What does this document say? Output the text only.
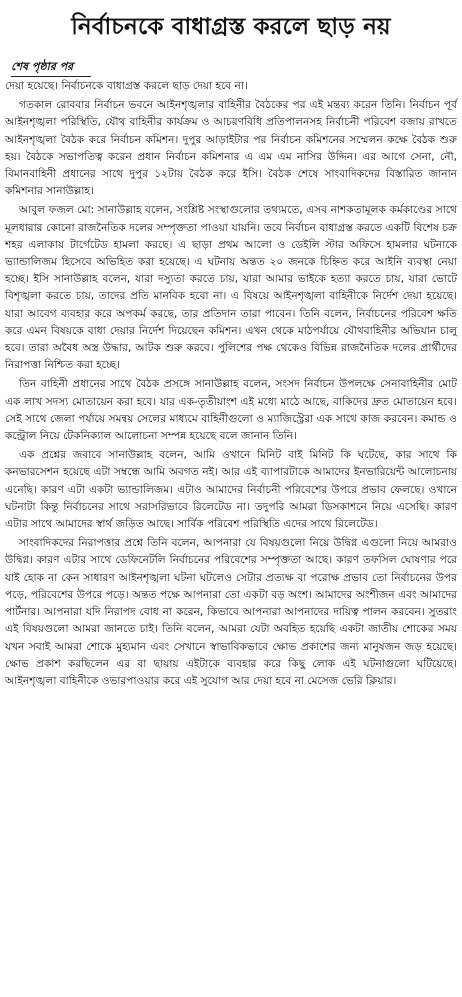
নির্বাচনকে বাধাগ্রস্ত করলে ছাড় নয়
শেষ পৃষ্ঠার পর

দেয়া হয়েছে। নির্বাচনকে বাধাগ্রস্ত করলে ছাড় দেয়া হবে না।

গতকাল রোববার নির্বাচন ভবনে আইনশৃঙ্খলার বাহিনীর বৈঠকের পর এই মন্তব্য করেন তিনি। নির্বাচন পূর্ব আইনশৃঙ্খলা পরিস্থিতি, যৌথ বাহিনীর কার্যক্রম ও আচরণবিধি প্রতিপালনসহ নির্বাচনী পরিবেশ বজায় রাখতে আইনশৃঙ্খলা বৈঠক করে নির্বাচন কমিশন। দুপুর আড়াইটার পর নির্বাচন কমিশনের সম্মেলন কক্ষে বৈঠক শুরু হয়। বৈঠকে সভাপতিত্ব করেন প্রধান নির্বাচন কমিশনার এ এম এম নাসির উদ্দিন। এর আগে সেনা, নৌ, বিমানবাহিনী প্রধানের সাথে দুপুর ১২টায় বৈঠক করে ইসি। বৈঠক শেষে সাংবাদিকদের বিস্তারিত জানান কমিশনার সানাউল্লাহ।

আবুল ফজল মো: সানাউল্লাহ বলেন, সংশ্লিষ্ট সংস্থাগুলোর তথ্যমতে, এসব নাশকতামূলক কর্মকাণ্ডের সাথে মূলধারার কোনো রাজনৈতিক দলের সম্পৃক্ততা পাওয়া যায়নি। তবে নির্বাচন বাধাগ্রস্ত করতে একটি বিশেষ চক্র শহর এলাকায় টার্গেটেড হামলা করছে। এ ছাড়া প্রথম আলো ও ডেইলি স্টার অফিসে হামলার ঘটনাকে ভ্যান্ডালিজম হিসেবে অভিহিত করা হয়েছে। এ ঘটনায় অন্তত ২০ জনকে চিহ্নিত করে আইনি ব্যবস্থা নেয়া হচ্ছে। ইসি সানাউল্লাহ বলেন, যারা দস্যুতা করতে চায়, যারা আমার ভাইকে হত্যা করতে চায়, যারা ভোটে বিশৃঙ্খলা করতে চায়, তাদের প্রতি মানবিক হবো না। এ বিষয়ে আইনশৃঙ্খলা বাহিনীকে নির্দেশ দেয়া হয়েছে। যারা আবেগ ব্যবহার করে অপকর্ম করছে, তার প্রতিদান তারা পাবেন। তিনি বলেন, নির্বাচনের পরিবেশ ক্ষতি করে এমন বিষয়কে বাধা দেয়ার নির্দেশ দিয়েছেন কমিশন। এখন থেকে মাঠপর্যায়ে যৌথবাহিনীর অভিযান চালু হবে। তারা অবৈধ অস্ত্র উদ্ধার, আটক শুরু করবে। পুলিশের পক্ষ থেকেও বিভিন্ন রাজনৈতিক দলের প্রার্থীদের নিরাপত্তা নিশ্চিত করা হচ্ছে।

তিন বাহিনী প্রধানের সাথে বৈঠক প্রসঙ্গে সানাউল্লাহ বলেন, সংসদ নির্বাচন উপলক্ষে সেনাবাহিনীর মোট এক লাখ সদস্য মোতায়েন করা হবে। যার এক-তৃতীয়াংশ এই মধ্যে মাঠে আছে, বাকিদের দ্রুত মোতায়েন হবে। সেই সাথে জেলা পর্যায়ে সমন্বয় সেলের মাধ্যমে বাহিনীগুলো ও ম্যাজিস্ট্রেরা এক সাথে কাজ করবেন। কমান্ড ও কন্ট্রোল নিয়ে টেকনিক্যাল আলোচনা সম্পন্ন হয়েছে বলে জানান তিনি।

এক প্রশ্নের জবাবে সানাউল্লাহ বলেন, আমি ওখানে মিনিট বাই মিনিট কি ঘটেছে, কার সাথে কি কনভারসেশন হয়েছে এটা সম্বন্ধে আমি অবগত নই। আর এই ব্যাপারটাকে আমাদের ইনভারিয়েন্ট আলোচনায় এনেছি। কারণ এটা একটা ভ্যান্ডালিজম। এটাও আমাদের নির্বাচনী পরিবেশের উপরে প্রভাব ফেলছে। ওখানে ঘটনাটা কিন্তু নির্বাচনের সাথে সরাসরিভাবে রিলেটেড না। তদুপরি আমরা ডিসকাশনে নিয়ে এসেছি। কারণ এটার সাথে আমাদের স্বার্থ জড়িত আছে। সার্বিক পরিবেশ পরিস্থিতি এদের সাথে রিলেটেড।

সাংবাদিকদের নিরাপত্তার প্রশ্নে তিনি বলেন, আপনারা যে বিষয়গুলো নিয়ে উদ্বিগ্ন এগুলো নিয়ে আমরাও উদ্বিগ্ন। কারণ এটার সাথে ডেফিনেটলি নির্বাচনের পরিবেশের সম্পৃক্ততা আছে। কারণ তফসিল ঘোষণার পরে যাই হোক না কেন সাধারণ আইনশৃঙ্খলা ঘটনা ঘটলেও সেটার প্রত্যক্ষ বা পরোক্ষ প্রভাব তো নির্বাচনের উপর পড়ে, পরিবেশের উপরে পড়ে। অন্তত পক্ষে আপনারা তো একটা বড় অংশ। আমাদের অংশীজন এবং আমাদের পার্টনার। আপনারা যদি নিরাপদ বোধ না করেন, কিভাবে আপনারা আপনাদের দায়িত্ব পালন করবেন। সুতরাং এই বিষয়গুলো আমরা জানতে চাই। তিনি বলেন, আমরা যেটা অবহিত হয়েছি একটা জাতীয় শোকের সময় যখন সবাই আমরা শোকে মুহ্যমান এবং সেখানে স্বাভাবিকভাবে ক্ষোভ প্রকাশের জন্য মানুষজন জড় হয়েছে। ক্ষোভ প্রকাশ করছিলেন এর বা ছায়ায় এইটাকে ব্যবহার করে কিছু লোক এই ঘটনাগুলো ঘটিয়েছে। আইনশৃঙ্খলা বাহিনীকে ওভারপাওয়ার করে এই সুযোগ আর দেয়া হবে না মেসেজ ভেরি ক্লিয়ার।
